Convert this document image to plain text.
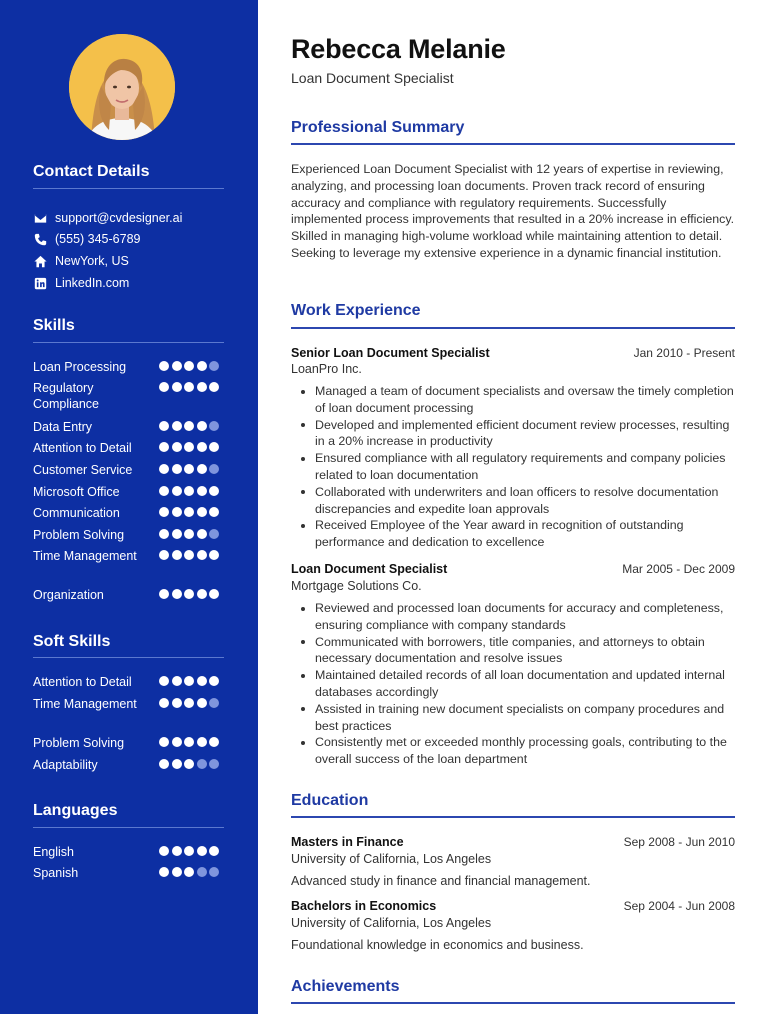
Contact Details
support@cvdesigner.ai
(555) 345-6789
NewYork, US
LinkedIn.com
Skills
Loan Processing
Regulatory Compliance
Data Entry
Attention to Detail
Customer Service
Microsoft Office
Communication
Problem Solving
Time Management
Organization
Soft Skills
Attention to Detail
Time Management
Problem Solving
Adaptability
Languages
English
Spanish
Rebecca Melanie
Loan Document Specialist
Professional Summary
Experienced Loan Document Specialist with 12 years of expertise in reviewing, analyzing, and processing loan documents. Proven track record of ensuring accuracy and compliance with regulatory requirements. Successfully implemented process improvements that resulted in a 20% increase in efficiency. Skilled in managing high-volume workload while maintaining attention to detail. Seeking to leverage my extensive experience in a dynamic financial institution.
Work Experience
Senior Loan Document Specialist	Jan 2010 - Present
LoanPro Inc.
Managed a team of document specialists and oversaw the timely completion of loan document processing
Developed and implemented efficient document review processes, resulting in a 20% increase in productivity
Ensured compliance with all regulatory requirements and company policies related to loan documentation
Collaborated with underwriters and loan officers to resolve documentation discrepancies and expedite loan approvals
Received Employee of the Year award in recognition of outstanding performance and dedication to excellence
Loan Document Specialist	Mar 2005 - Dec 2009
Mortgage Solutions Co.
Reviewed and processed loan documents for accuracy and completeness, ensuring compliance with company standards
Communicated with borrowers, title companies, and attorneys to obtain necessary documentation and resolve issues
Maintained detailed records of all loan documentation and updated internal databases accordingly
Assisted in training new document specialists on company procedures and best practices
Consistently met or exceeded monthly processing goals, contributing to the overall success of the loan department
Education
Masters in Finance	Sep 2008 - Jun 2010
University of California, Los Angeles
Advanced study in finance and financial management.
Bachelors in Economics	Sep 2004 - Jun 2008
University of California, Los Angeles
Foundational knowledge in economics and business.
Achievements
